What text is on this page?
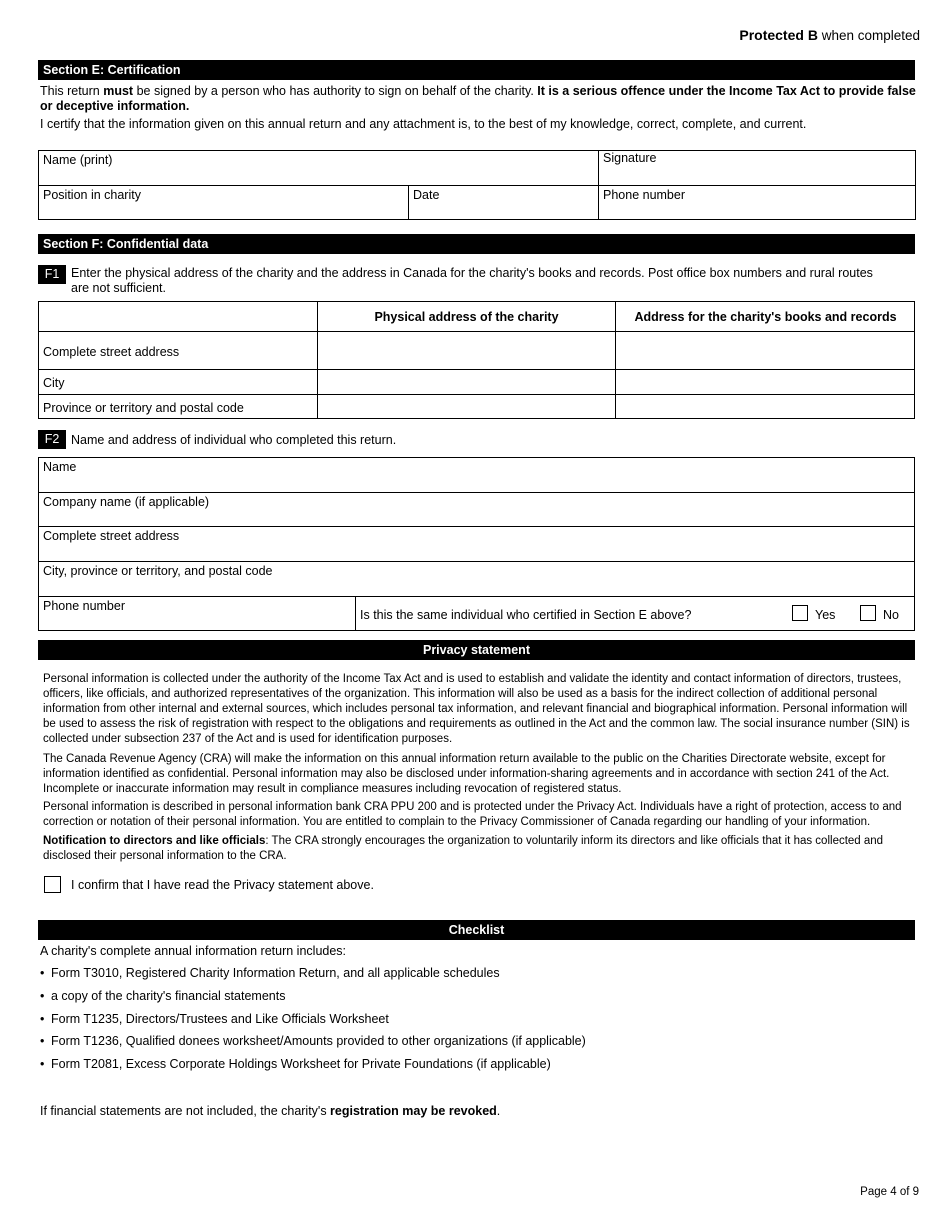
Protected B when completed
Section E: Certification
This return must be signed by a person who has authority to sign on behalf of the charity. It is a serious offence under the Income Tax Act to provide false or deceptive information.
I certify that the information given on this annual return and any attachment is, to the best of my knowledge, correct, complete, and current.
Name (print)	Signature
Position in charity	Date	Phone number
Section F: Confidential data
F1 Enter the physical address of the charity and the address in Canada for the charity's books and records. Post office box numbers and rural routes are not sufficient.
Physical address of the charity	Address for the charity's books and records
Complete street address
City
Province or territory and postal code
F2 Name and address of individual who completed this return.
Name
Company name (if applicable)
Complete street address
City, province or territory, and postal code
Phone number
Is this the same individual who certified in Section E above?	Yes	No
Privacy statement
Personal information is collected under the authority of the Income Tax Act and is used to establish and validate the identity and contact information of directors, trustees, officers, like officials, and authorized representatives of the organization. This information will also be used as a basis for the indirect collection of additional personal information from other internal and external sources, which includes personal tax information, and relevant financial and biographical information. Personal information will be used to assess the risk of registration with respect to the obligations and requirements as outlined in the Act and the common law. The social insurance number (SIN) is collected under subsection 237 of the Act and is used for identification purposes.
The Canada Revenue Agency (CRA) will make the information on this annual information return available to the public on the Charities Directorate website, except for information identified as confidential. Personal information may also be disclosed under information-sharing agreements and in accordance with section 241 of the Act. Incomplete or inaccurate information may result in compliance measures including revocation of registered status.
Personal information is described in personal information bank CRA PPU 200 and is protected under the Privacy Act. Individuals have a right of protection, access to and correction or notation of their personal information. You are entitled to complain to the Privacy Commissioner of Canada regarding our handling of your information.
Notification to directors and like officials: The CRA strongly encourages the organization to voluntarily inform its directors and like officials that it has collected and disclosed their personal information to the CRA.
I confirm that I have read the Privacy statement above.
Checklist
A charity's complete annual information return includes:
• Form T3010, Registered Charity Information Return, and all applicable schedules
• a copy of the charity's financial statements
• Form T1235, Directors/Trustees and Like Officials Worksheet
• Form T1236, Qualified donees worksheet/Amounts provided to other organizations (if applicable)
• Form T2081, Excess Corporate Holdings Worksheet for Private Foundations (if applicable)
If financial statements are not included, the charity's registration may be revoked.
Page 4 of 9
